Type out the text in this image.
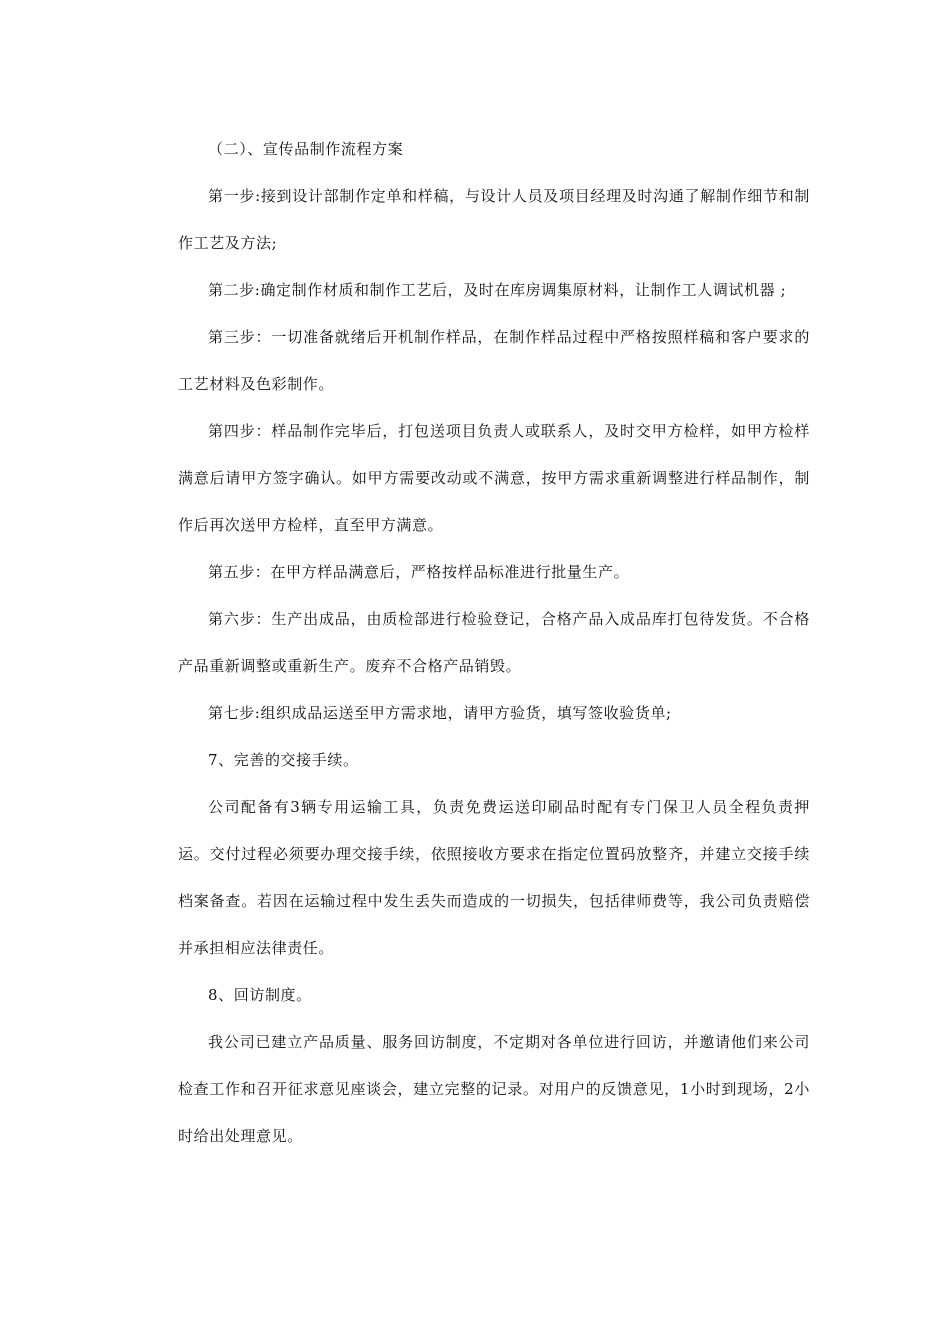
（二）、宣传品制作流程方案

第一步:接到设计部制作定单和样稿，与设计人员及项目经理及时沟通了解制作细节和制作工艺及方法;

第二步:确定制作材质和制作工艺后，及时在库房调集原材料，让制作工人调试机器 ;

第三步：一切准备就绪后开机制作样品，在制作样品过程中严格按照样稿和客户要求的工艺材料及色彩制作。

第四步：样品制作完毕后，打包送项目负责人或联系人，及时交甲方检样，如甲方检样满意后请甲方签字确认。如甲方需要改动或不满意，按甲方需求重新调整进行样品制作，制作后再次送甲方检样，直至甲方满意。

第五步：在甲方样品满意后，严格按样品标准进行批量生产。

第六步：生产出成品，由质检部进行检验登记，合格产品入成品库打包待发货。不合格产品重新调整或重新生产。废弃不合格产品销毁。

第七步:组织成品运送至甲方需求地，请甲方验货，填写签收验货单;

7、完善的交接手续。

公司配备有3辆专用运输工具，负责免费运送印刷品时配有专门保卫人员全程负责押运。交付过程必须要办理交接手续，依照接收方要求在指定位置码放整齐，并建立交接手续档案备查。若因在运输过程中发生丢失而造成的一切损失，包括律师费等，我公司负责赔偿并承担相应法律责任。

8、回访制度。

我公司已建立产品质量、服务回访制度，不定期对各单位进行回访，并邀请他们来公司检查工作和召开征求意见座谈会，建立完整的记录。对用户的反馈意见，1小时到现场，2小时给出处理意见。
